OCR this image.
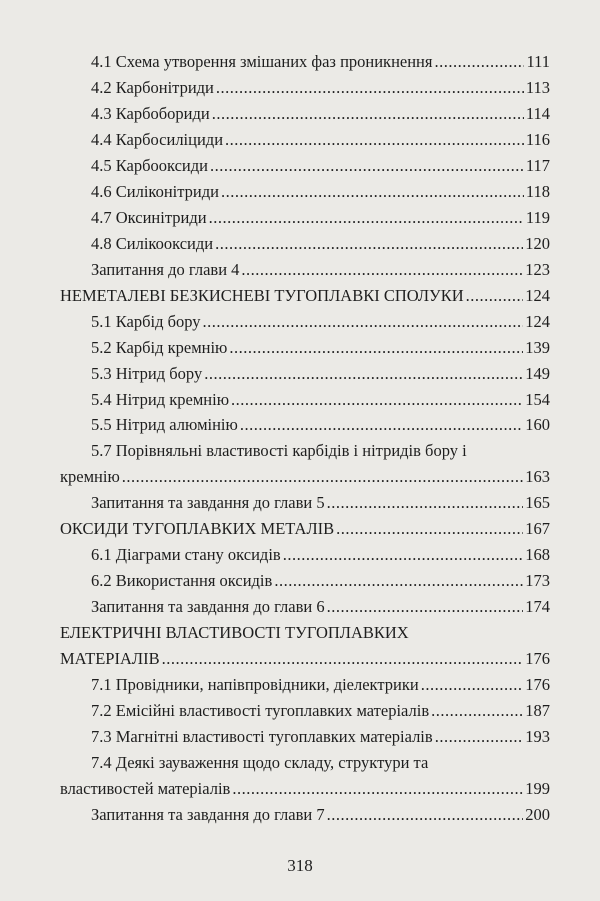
4.1 Схема утворення змішаних фаз проникнення .....	111
4.2 Карбонітриди .....	113
4.3 Карбобориди .....	114
4.4 Карбосиліциди .....	116
4.5 Карбооксиди .....	117
4.6 Силіконітриди .....	118
4.7 Оксинітриди .....	119
4.8 Силікооксиди .....	120
Запитання до глави 4 .....	123
НЕМЕТАЛЕВІ БЕЗКИСНЕВІ ТУГОПЛАВКІ СПОЛУКИ .....	124
5.1 Карбід бору .....	124
5.2 Карбід кремнію .....	139
5.3 Нітрид бору .....	149
5.4 Нітрид кремнію .....	154
5.5 Нітрид алюмінію .....	160
5.7 Порівняльні властивості карбідів і нітридів бору і
кремнію .....	163
Запитання та завдання до глави 5 .....	165
ОКСИДИ ТУГОПЛАВКИХ МЕТАЛІВ .....	167
6.1 Діаграми стану оксидів .....	168
6.2 Використання оксидів .....	173
Запитання та завдання до глави 6 .....	174
ЕЛЕКТРИЧНІ ВЛАСТИВОСТІ ТУГОПЛАВКИХ
МАТЕРІАЛІВ .....	176
7.1 Провідники, напівпровідники, діелектрики .....	176
7.2 Емісійні властивості тугоплавких матеріалів .....	187
7.3 Магнітні властивості тугоплавких матеріалів .....	193
7.4 Деякі зауваження щодо складу, структури та
властивостей матеріалів .....	199
Запитання та завдання до глави 7 .....	200
318
